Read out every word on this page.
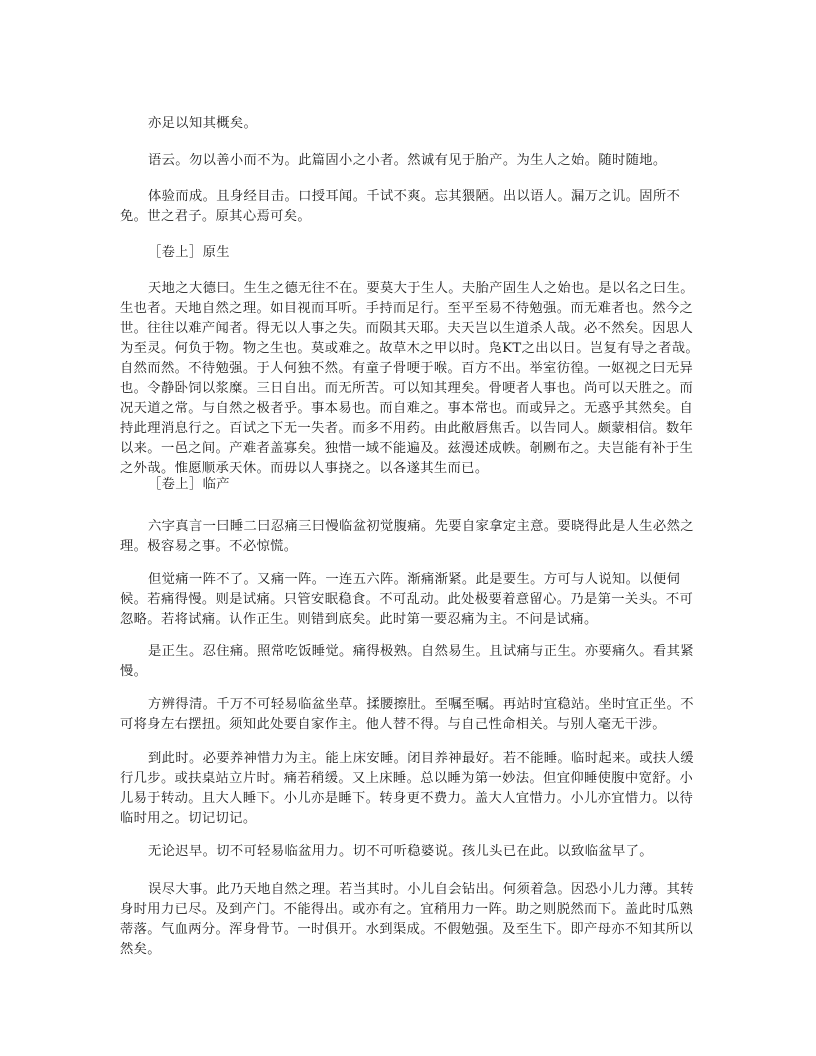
亦足以知其概矣。

语云。勿以善小而不为。此篇固小之小者。然诚有见于胎产。为生人之始。随时随地。

体验而成。且身经目击。口授耳闻。千试不爽。忘其猥陋。出以语人。漏万之讥。固所不免。世之君子。原其心焉可矣。

［卷上］原生

天地之大德曰。生生之德无往不在。要莫大于生人。夫胎产固生人之始也。是以名之曰生。生也者。天地自然之理。如目视而耳听。手持而足行。至平至易不待勉强。而无难者也。然今之世。往往以难产闻者。得无以人事之失。而陨其天耶。夫天岂以生道杀人哉。必不然矣。因思人为至灵。何负于物。物之生也。莫或难之。故草木之甲以时。凫KT之出以日。岂复有导之者哉。自然而然。不待勉强。于人何独不然。有童子骨哽于喉。百方不出。举室彷徨。一妪视之曰无异也。令静卧饲以浆糜。三日自出。而无所苦。可以知其理矣。骨哽者人事也。尚可以天胜之。而况天道之常。与自然之极者乎。事本易也。而自难之。事本常也。而或异之。无惑乎其然矣。自持此理消息行之。百试之下无一失者。而多不用药。由此敝唇焦舌。以告同人。颇蒙相信。数年以来。一邑之间。产难者盖寡矣。独惜一域不能遍及。兹漫述成帙。剞劂布之。夫岂能有补于生之外哉。惟愿顺承天休。而毋以人事挠之。以各遂其生而已。

［卷上］临产

六字真言一曰睡二曰忍痛三曰慢临盆初觉腹痛。先要自家拿定主意。要晓得此是人生必然之理。极容易之事。不必惊慌。

但觉痛一阵不了。又痛一阵。一连五六阵。渐痛渐紧。此是要生。方可与人说知。以便伺候。若痛得慢。则是试痛。只管安眠稳食。不可乱动。此处极要着意留心。乃是第一关头。不可忽略。若将试痛。认作正生。则错到底矣。此时第一要忍痛为主。不问是试痛。

是正生。忍住痛。照常吃饭睡觉。痛得极熟。自然易生。且试痛与正生。亦要痛久。看其紧慢。

方辨得清。千万不可轻易临盆坐草。揉腰擦肚。至嘱至嘱。再站时宜稳站。坐时宜正坐。不可将身左右摆扭。须知此处要自家作主。他人替不得。与自己性命相关。与别人毫无干涉。

到此时。必要养神惜力为主。能上床安睡。闭目养神最好。若不能睡。临时起来。或扶人缓行几步。或扶桌站立片时。痛若稍缓。又上床睡。总以睡为第一妙法。但宜仰睡使腹中宽舒。小儿易于转动。且大人睡下。小儿亦是睡下。转身更不费力。盖大人宜惜力。小儿亦宜惜力。以待临时用之。切记切记。

无论迟早。切不可轻易临盆用力。切不可听稳婆说。孩儿头已在此。以致临盆早了。

误尽大事。此乃天地自然之理。若当其时。小儿自会钻出。何须着急。因恐小儿力薄。其转身时用力已尽。及到产门。不能得出。或亦有之。宜稍用力一阵。助之则脱然而下。盖此时瓜熟蒂落。气血两分。浑身骨节。一时俱开。水到渠成。不假勉强。及至生下。即产母亦不知其所以然矣。
